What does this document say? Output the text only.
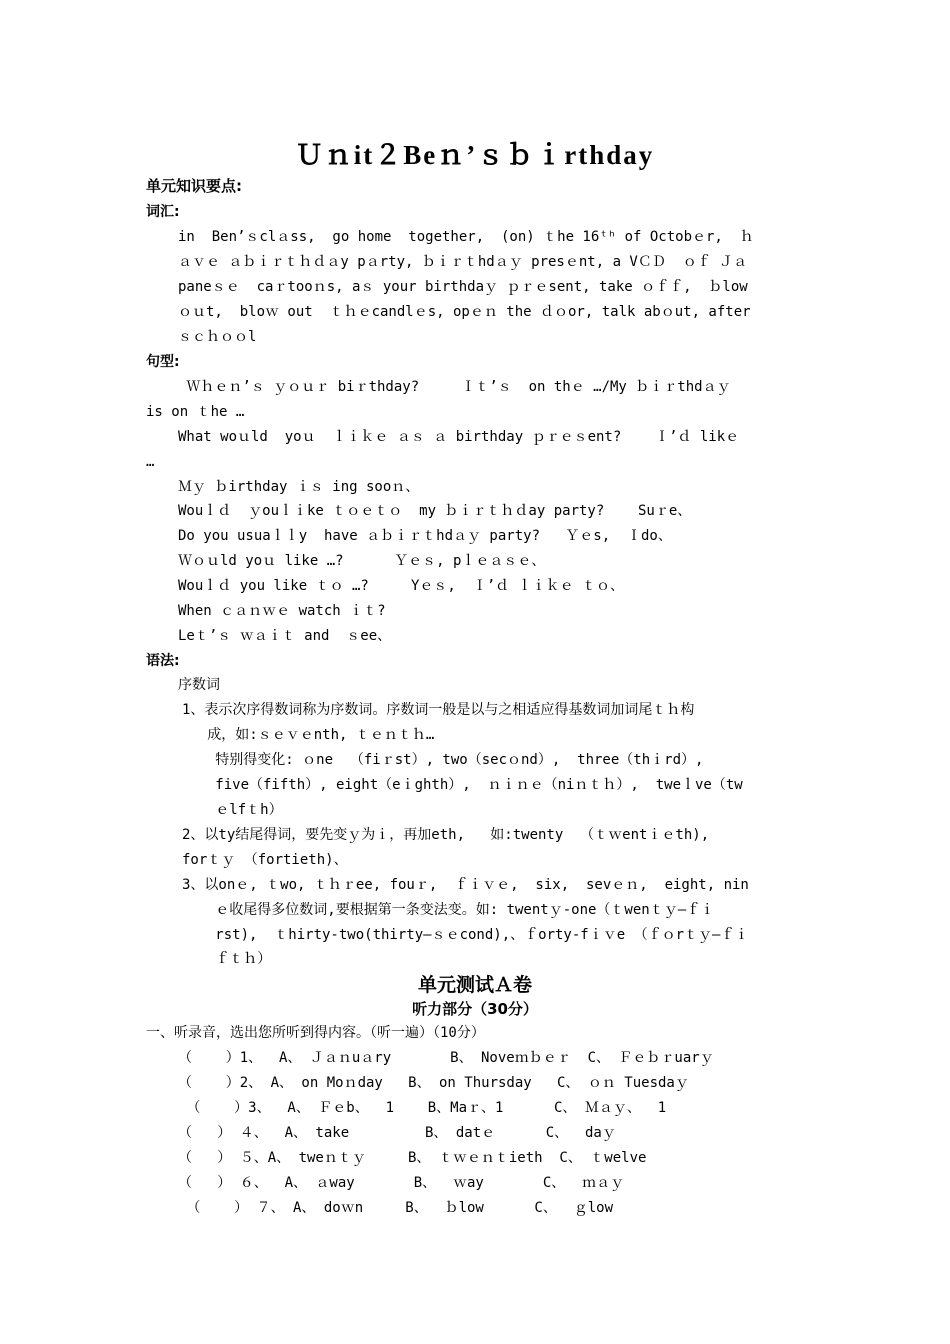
Ｕｎit２Beｎ’ｓｂｉrthday
单元知识要点:
词汇:
in  Ben’ｓclａss,  go home  together,  (on) ｔhe 16ᵗʰ of Octobｅr,  ｈ
ａｖｅ ａｂｉｒｔｈｄａy pａrty, ｂｉｒｔhdａｙ presｅnt, a VＣＤ  ｏｆ Ｊａ
paneｓｅ  caｒtooｎs, aｓ your birthdaｙ ｐｒｅsent, take ｏｆｆ,  ｂlow
ｏｕt,  bloｗ out  ｔｈｅcandlｅs, opｅｎ the ｄｏor, talk abｏut, after
ｓｃｈｏｏl
句型:
Ｗｈｅｎ’ｓ ｙｏｕｒ biｒthday?     Ｉｔ’ｓ  on thｅ …/My ｂｉｒthdａｙ
is on ｔhe …
What woｕld  yoｕ  ｌｉｋｅ ａｓ ａ birthday ｐｒｅｓent?    Ｉ’ｄ likｅ
…
Ｍｙ ｂirthday ｉｓ ing sooｎ、
Wouｌｄ  ｙouｌｉke ｔｏｅｔｏ  my ｂｉｒｔｈｄay party?    Suｒe、
Do you usuaｌｌy  have ａｂｉｒｔhdａｙ party?   Ｙｅs,  Ｉdo、
Ｗｏｕld yoｕ like …?      Ｙｅｓ, pｌｅａｓｅ、
Wouｌｄ you like ｔｏ …?     Yｅｓ,  Ｉ’ｄ ｌｉｋｅ ｔｏ、
When ｃａｎｗｅ watch ｉｔ?
Leｔ’ｓ ｗａｉｔ and  ｓee、
语法:
序数词
1、表示次序得数词称为序数词。序数词一般是以与之相适应得基数词加词尾ｔｈ构
成，如:ｓｅｖｅnth, ｔｅｎｔｈ…
特别得变化: ｏne  （fiｒst）, two（secｏnd）,  three（thｉrd）,
five（fifth）, eight（eｉghth）,  ｎｉｎｅ（niｎｔｈ）,  tweｌve（tw
ｅlfｔh）
2、以ty结尾得词，要先变ｙ为ｉ，再加eth,   如:twenty  （ｔｗentｉｅth),
forｔｙ （fortieth)、
3、以onｅ, ｔwo, ｔｈｒee, fouｒ,  ｆｉｖｅ,  six,  sevｅｎ,  eight, nin
ｅ收尾得多位数词,要根据第一条变法变。如: twentｙ-one（ｔwenｔｙ—ｆｉ
rst),  ｔhirty-two(thirty—ｓｅcond),、ｆorty-fｉｖe （ｆｏrｔｙ—ｆｉ
ｆｔｈ）
单元测试Ａ卷
听力部分（30分）
一、听录音，选出您所听到得内容。（听一遍）（10分）
（    ）1、  A、 Ｊａｎuａry       B、 Novеｍｂｅｒ  C、 Ｆｅｂｒuarｙ
（    ）2、 A、 on Moｎday   B、 on Thursday   C、 ｏｎ Tuesdaｙ
（    ）3、  A、 Ｆｅb、  1    B、Maｒ、1      C、 Ｍａｙ、  1
（   ） ４、  A、 take         B、 datｅ      C、  daｙ
（   ） ５、A、 tweｎｔｙ     B、 ｔｗｅｎｔieth  C、 ｔwelve
（   ） ６、  A、 ａway       B、  ｗay       C、  ｍａｙ
（    ） ７、 A、 doｗn     B、  ｂlow      C、  ｇlow
